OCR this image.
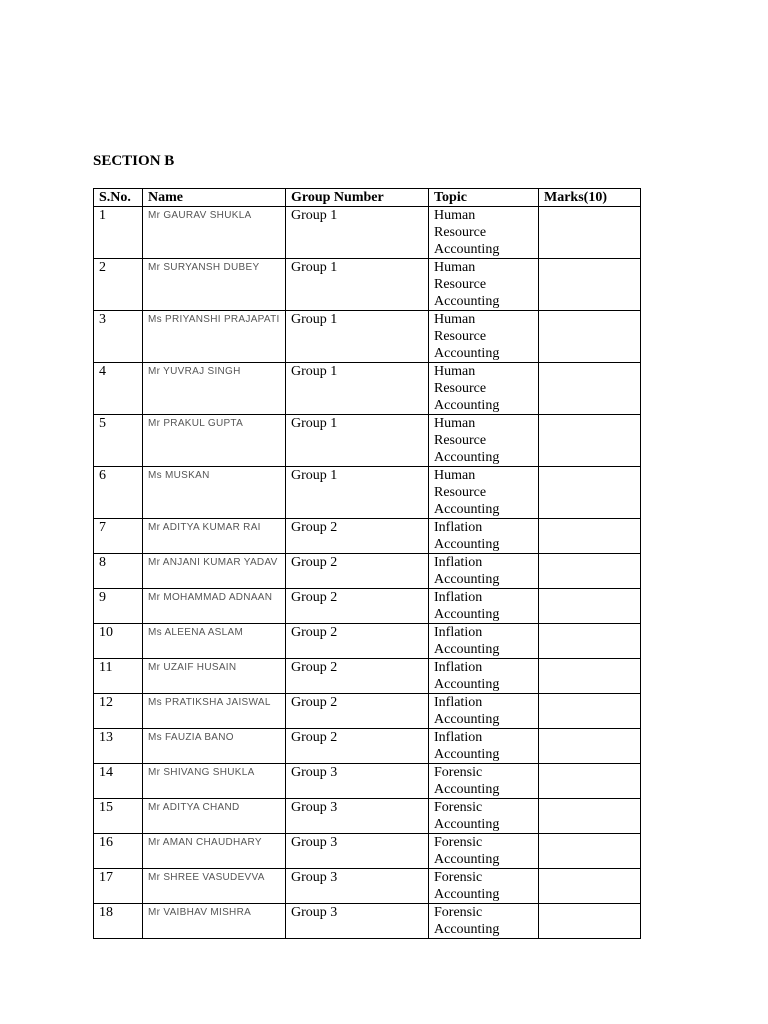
SECTION B
S.No.	Name	Group Number	Topic	Marks(10)
1	Mr GAURAV SHUKLA	Group 1	Human
Resource
Accounting	

2	Mr SURYANSH DUBEY	Group 1	Human
Resource
Accounting	

3	Ms PRIYANSHI PRAJAPATI	Group 1	Human
Resource
Accounting	

4	Mr YUVRAJ SINGH	Group 1	Human
Resource
Accounting	

5	Mr PRAKUL GUPTA	Group 1	Human
Resource
Accounting	

6	Ms MUSKAN	Group 1	Human
Resource
Accounting	

7	Mr ADITYA KUMAR RAI	Group 2	Inflation
Accounting	

8	Mr ANJANI KUMAR YADAV	Group 2	Inflation
Accounting	

9	Mr MOHAMMAD ADNAAN	Group 2	Inflation
Accounting	

10	Ms ALEENA ASLAM	Group 2	Inflation
Accounting	

11	Mr UZAIF HUSAIN	Group 2	Inflation
Accounting	

12	Ms PRATIKSHA JAISWAL	Group 2	Inflation
Accounting	

13	Ms FAUZIA BANO	Group 2	Inflation
Accounting	

14	Mr SHIVANG SHUKLA	Group 3	Forensic
Accounting	

15	Mr ADITYA CHAND	Group 3	Forensic
Accounting	

16	Mr AMAN CHAUDHARY	Group 3	Forensic
Accounting	

17	Mr SHREE VASUDEVVA	Group 3	Forensic
Accounting	

18	Mr VAIBHAV MISHRA	Group 3	Forensic
Accounting	
